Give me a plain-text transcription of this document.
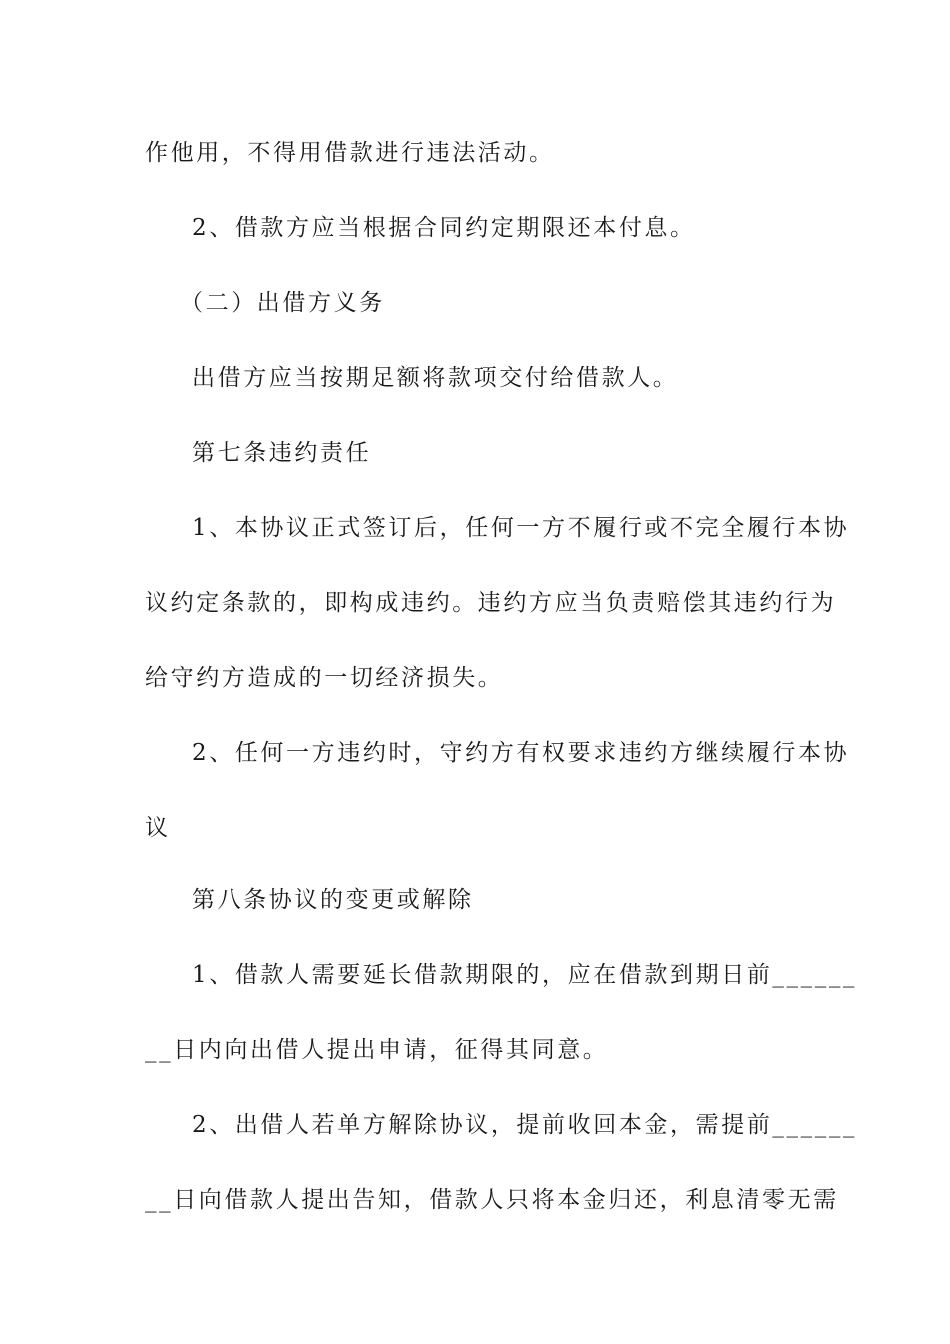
作他用，不得用借款进行违法活动。

2、借款方应当根据合同约定期限还本付息。

（二）出借方义务

出借方应当按期足额将款项交付给借款人。

第七条违约责任

1、本协议正式签订后，任何一方不履行或不完全履行本协

议约定条款的，即构成违约。违约方应当负责赔偿其违约行为

给守约方造成的一切经济损失。

2、任何一方违约时，守约方有权要求违约方继续履行本协

议

第八条协议的变更或解除

1、借款人需要延长借款期限的，应在借款到期日前______

__日内向出借人提出申请，征得其同意。

2、出借人若单方解除协议，提前收回本金，需提前______

__日向借款人提出告知，借款人只将本金归还，利息清零无需
